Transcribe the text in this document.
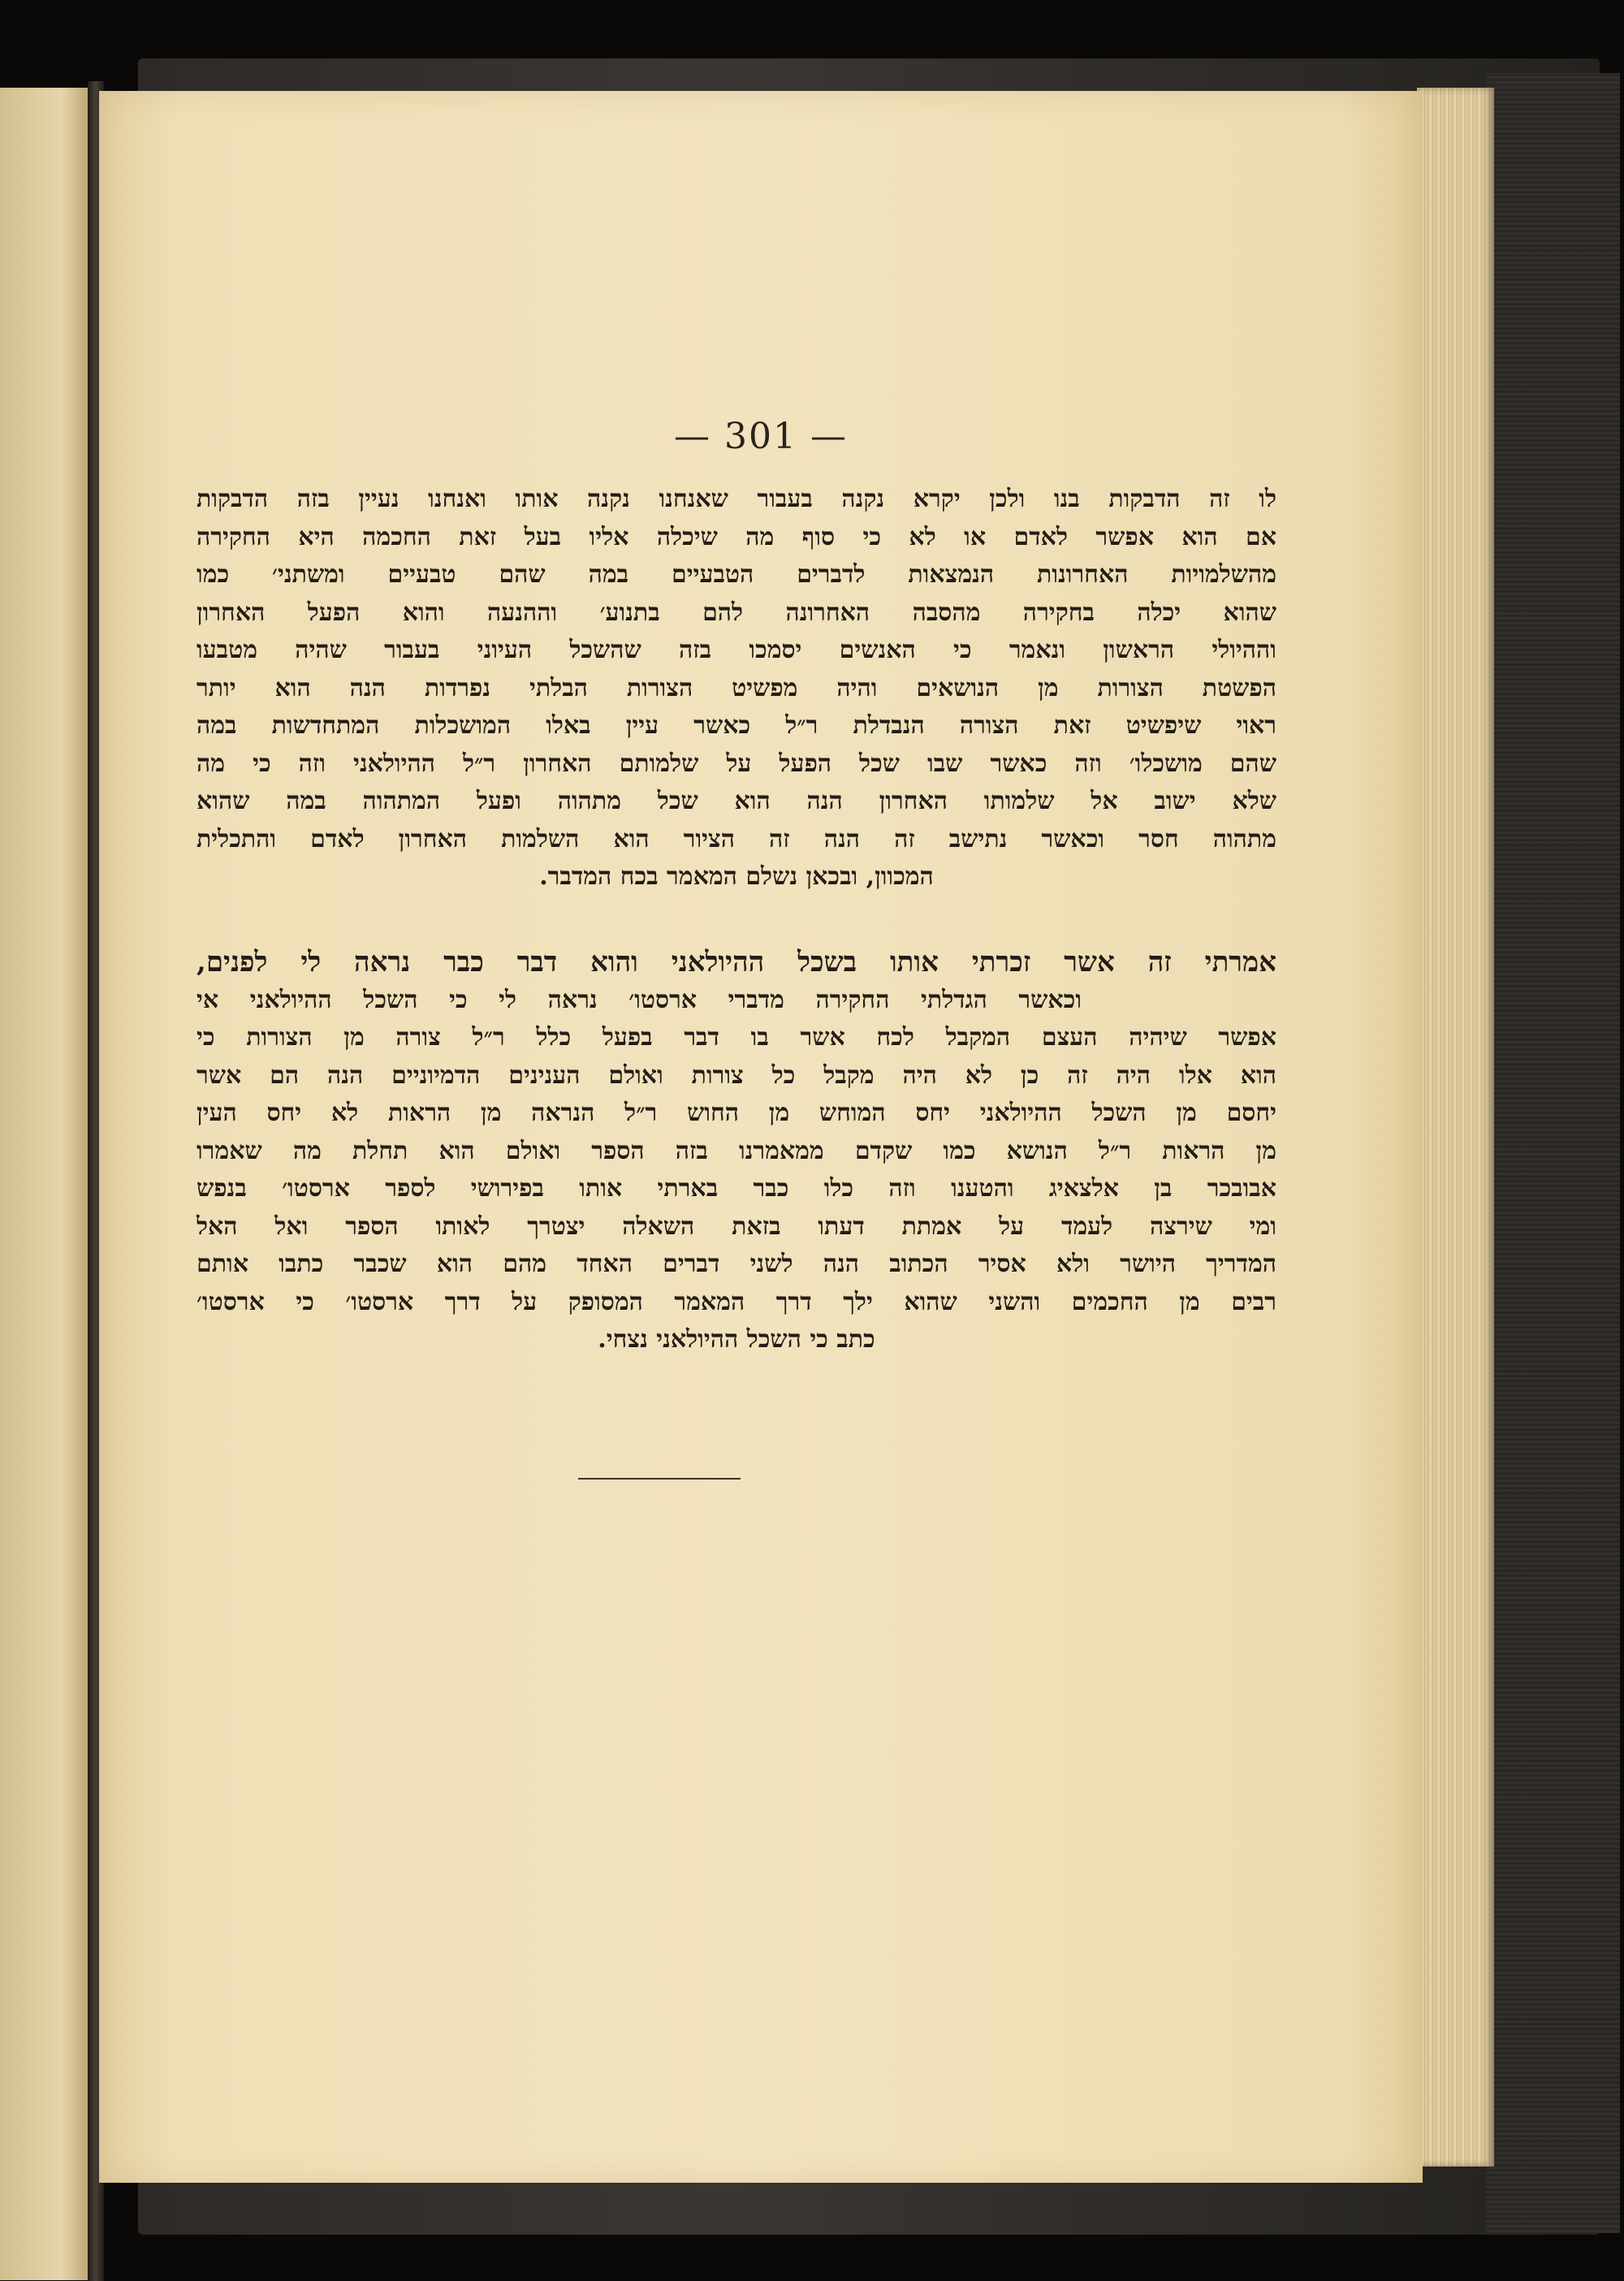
— 301 —
לו זה הדבקות בנו ולכן יקרא נקנה בעבור שאנחנו נקנה אותו ואנחנו נעיין בזה הדבקות
אם הוא אפשר לאדם או לא כי סוף מה שיכלה אליו בעל זאת החכמה היא החקירה
מהשלמויות האחרונות הנמצאות לדברים הטבעיים במה שהם טבעיים ומשתני׳ כמו
שהוא יכלה בחקירה מהסבה האחרונה להם בתנוע׳ וההנעה והוא הפעל האחרון
וההיולי הראשון ונאמר כי האנשים יסמכו בזה שהשכל העיוני בעבור שהיה מטבעו
הפשטת הצורות מן הנושאים והיה מפשיט הצורות הבלתי נפרדות הנה הוא יותר
ראוי שיפשיט זאת הצורה הנבדלת ר״ל כאשר עיין באלו המושכלות המתחדשות במה
שהם מושכלו׳ וזה כאשר שבו שכל הפעל על שלמותם האחרון ר״ל ההיולאני וזה כי מה
שלא ישוב אל שלמותו האחרון הנה הוא שכל מתהוה ופעל המתהוה במה שהוא
מתהוה חסר וכאשר נתישב זה הנה זה הציור הוא השלמות האחרון לאדם והתכלית
המכוון, ובכאן נשלם המאמר בכח המדבר.
אמרתי זה אשר זכרתי אותו בשכל ההיולאני והוא דבר כבר נראה לי לפנים,
וכאשר הגדלתי החקירה מדברי ארסטו׳ נראה לי כי השכל ההיולאני אי
אפשר שיהיה העצם המקבל לכח אשר בו דבר בפעל כלל ר״ל צורה מן הצורות כי
הוא אלו היה זה כן לא היה מקבל כל צורות ואולם הענינים הדמיוניים הנה הם אשר
יחסם מן השכל ההיולאני יחס המוחש מן החוש ר״ל הנראה מן הראות לא יחס העין
מן הראות ר״ל הנושא כמו שקדם ממאמרנו בזה הספר ואולם הוא תחלת מה שאמרו
אבובכר בן אלצאיג והטענו וזה כלו כבר בארתי אותו בפירושי לספר ארסטו׳ בנפש
ומי שירצה לעמד על אמתת דעתו בזאת השאלה יצטרך לאותו הספר ואל האל
המדריך היושר ולא אסיר הכתוב הנה לשני דברים האחד מהם הוא שכבר כתבו אותם
רבים מן החכמים והשני שהוא ילך דרך המאמר המסופק על דרך ארסטו׳ כי ארסטו׳
כתב כי השכל ההיולאני נצחי.
